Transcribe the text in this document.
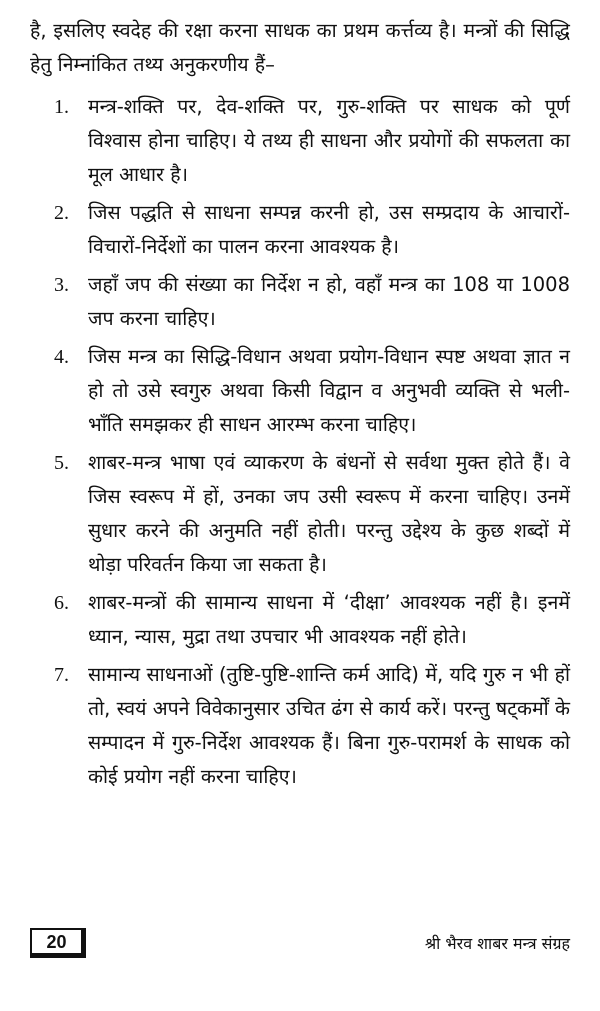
है, इसलिए स्वदेह की रक्षा करना साधक का प्रथम कर्त्तव्य है। मन्त्रों की सिद्धि हेतु निम्नांकित तथ्य अनुकरणीय हैं–

1. मन्त्र-शक्ति पर, देव-शक्ति पर, गुरु-शक्ति पर साधक को पूर्ण विश्वास होना चाहिए। ये तथ्य ही साधना और प्रयोगों की सफलता का मूल आधार है।
2. जिस पद्धति से साधना सम्पन्न करनी हो, उस सम्प्रदाय के आचारों- विचारों-निर्देशों का पालन करना आवश्यक है।
3. जहाँ जप की संख्या का निर्देश न हो, वहाँ मन्त्र का 108 या 1008 जप करना चाहिए।
4. जिस मन्त्र का सिद्धि-विधान अथवा प्रयोग-विधान स्पष्ट अथवा ज्ञात न हो तो उसे स्वगुरु अथवा किसी विद्वान व अनुभवी व्यक्ति से भली-भाँति समझकर ही साधन आरम्भ करना चाहिए।
5. शाबर-मन्त्र भाषा एवं व्याकरण के बंधनों से सर्वथा मुक्त होते हैं। वे जिस स्वरूप में हों, उनका जप उसी स्वरूप में करना चाहिए। उनमें सुधार करने की अनुमति नहीं होती। परन्तु उद्देश्य के कुछ शब्दों में थोड़ा परिवर्तन किया जा सकता है।
6. शाबर-मन्त्रों की सामान्य साधना में ‘दीक्षा’ आवश्यक नहीं है। इनमें ध्यान, न्यास, मुद्रा तथा उपचार भी आवश्यक नहीं होते।
7. सामान्य साधनाओं (तुष्टि-पुष्टि-शान्ति कर्म आदि) में, यदि गुरु न भी हों तो, स्वयं अपने विवेकानुसार उचित ढंग से कार्य करें। परन्तु षट्कर्मों के सम्पादन में गुरु-निर्देश आवश्यक हैं। बिना गुरु-परामर्श के साधक को कोई प्रयोग नहीं करना चाहिए।
20	श्री भैरव शाबर मन्त्र संग्रह
